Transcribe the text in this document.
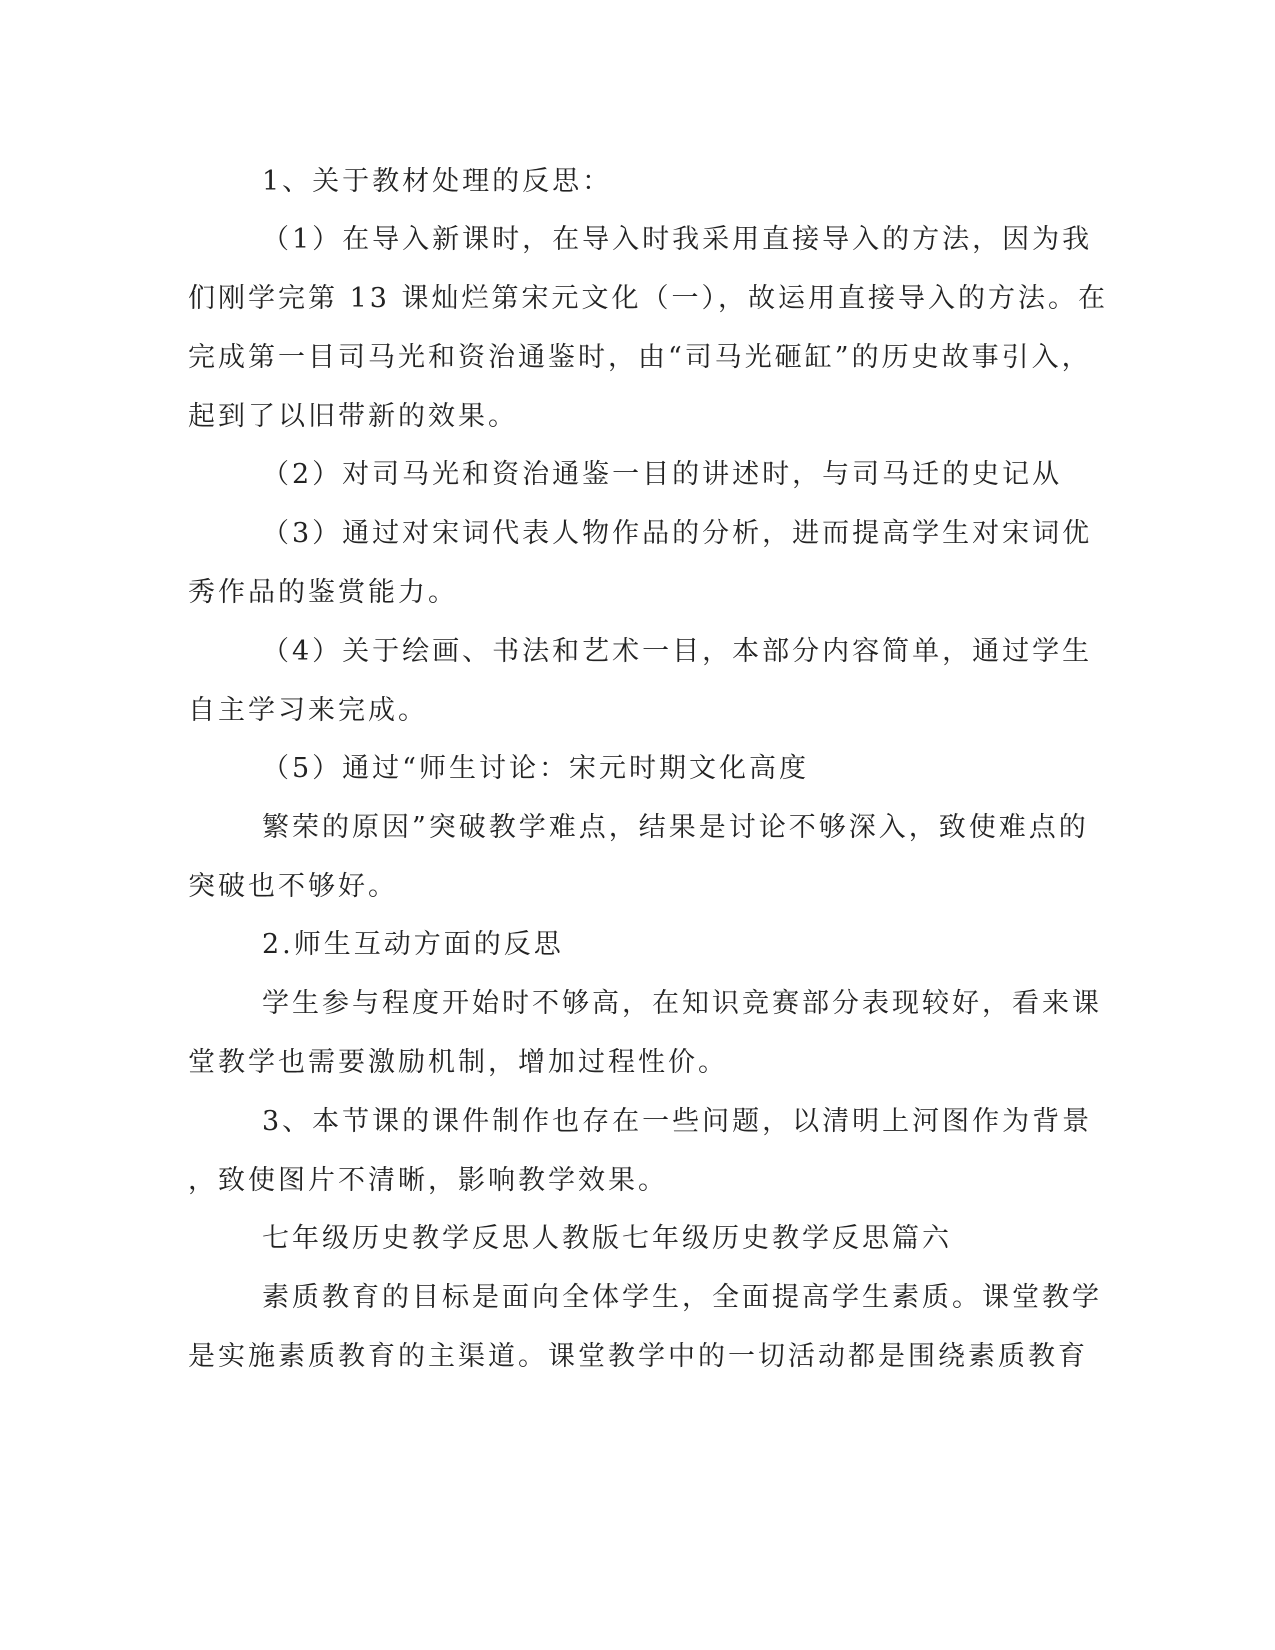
1、关于教材处理的反思：
（1）在导入新课时，在导入时我采用直接导入的方法，因为我
们刚学完第 13 课灿烂第宋元文化（一），故运用直接导入的方法。在
完成第一目司马光和资治通鉴时，由“司马光砸缸”的历史故事引入，
起到了以旧带新的效果。
（2）对司马光和资治通鉴一目的讲述时，与司马迁的史记从
（3）通过对宋词代表人物作品的分析，进而提高学生对宋词优
秀作品的鉴赏能力。
（4）关于绘画、书法和艺术一目，本部分内容简单，通过学生
自主学习来完成。
（5）通过“师生讨论：宋元时期文化高度
繁荣的原因”突破教学难点，结果是讨论不够深入，致使难点的
突破也不够好。
2.师生互动方面的反思
学生参与程度开始时不够高，在知识竞赛部分表现较好，看来课
堂教学也需要激励机制，增加过程性价。
3、本节课的课件制作也存在一些问题，以清明上河图作为背景
，致使图片不清晰，影响教学效果。
七年级历史教学反思人教版七年级历史教学反思篇六
素质教育的目标是面向全体学生，全面提高学生素质。课堂教学
是实施素质教育的主渠道。课堂教学中的一切活动都是围绕素质教育
